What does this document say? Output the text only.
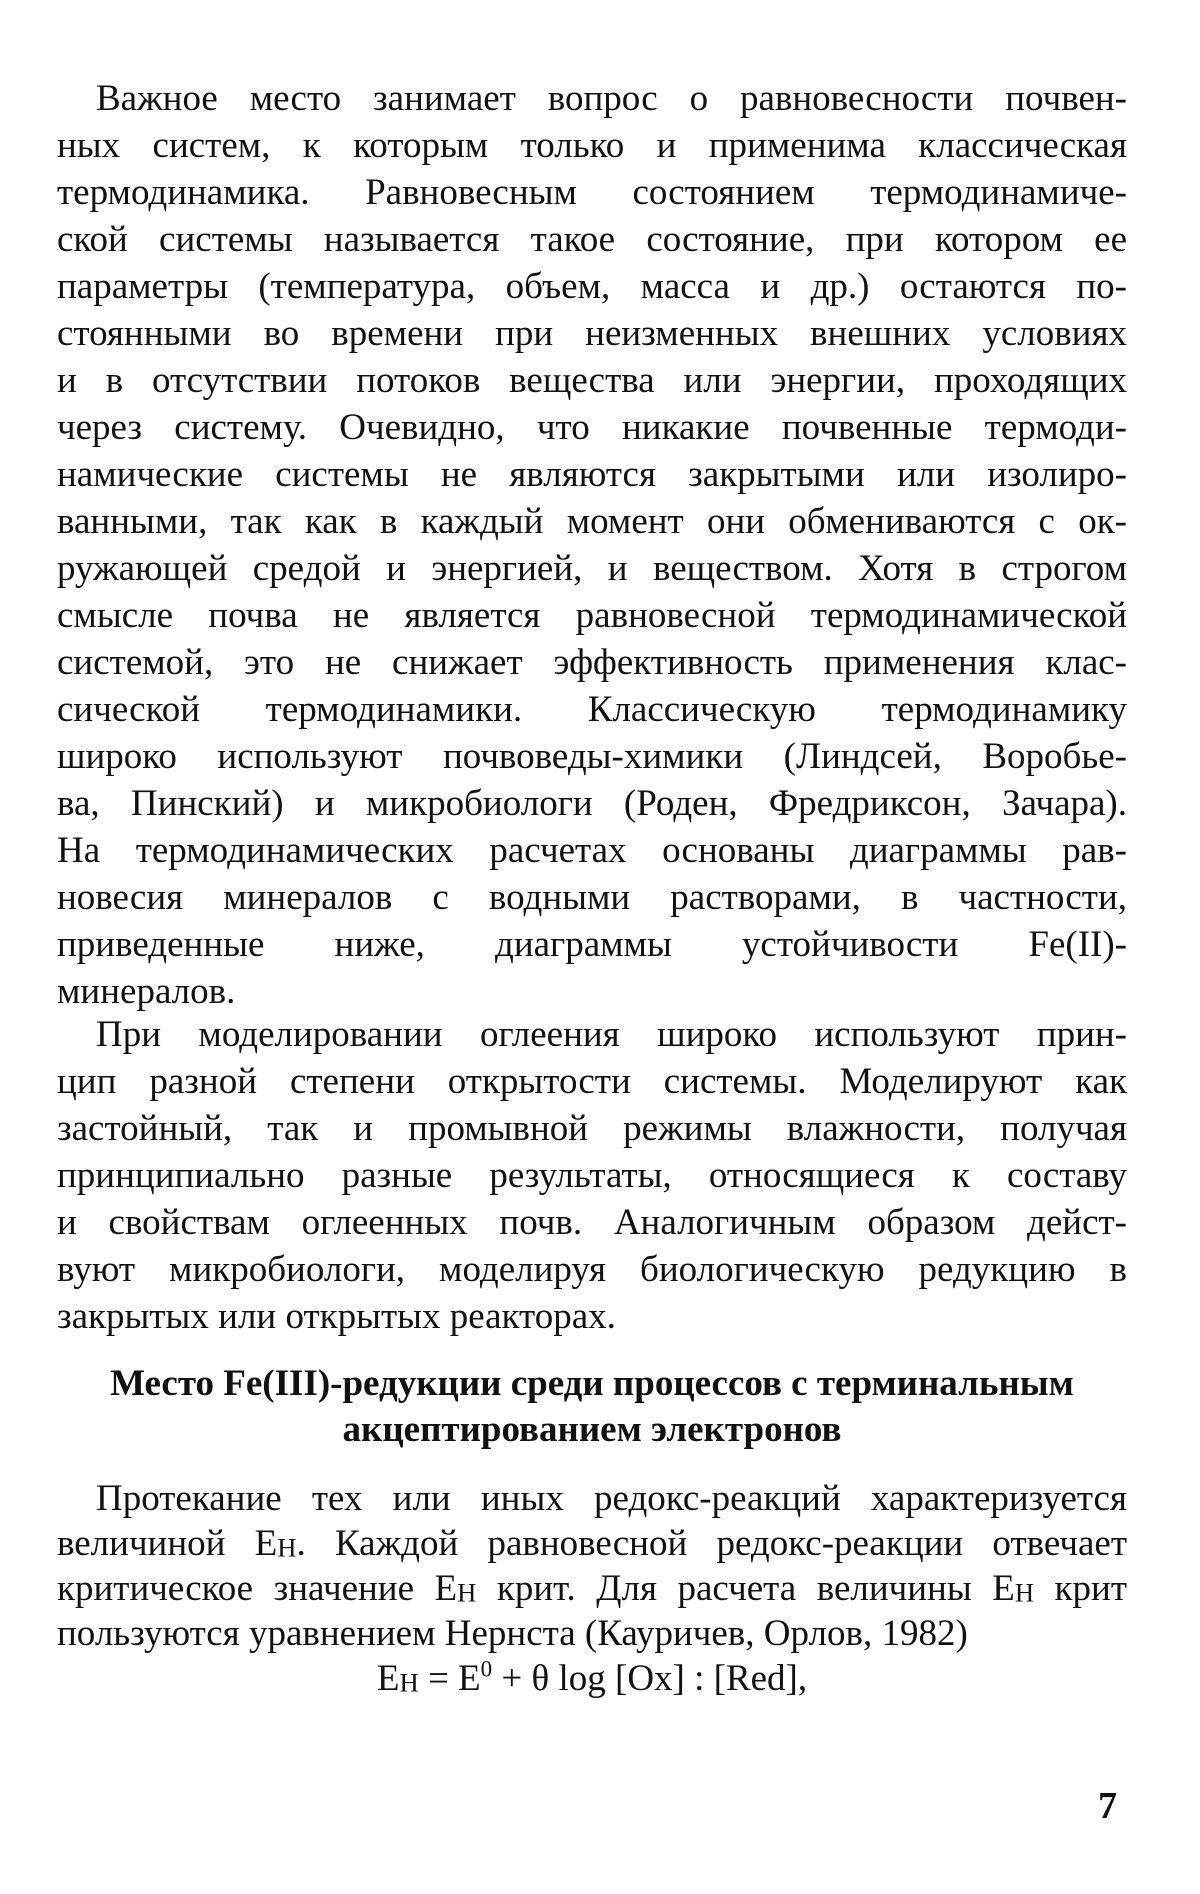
Важное место занимает вопрос о равновесности почвен-
ных систем, к которым только и применима классическая
термодинамика. Равновесным состоянием термодинамиче-
ской системы называется такое состояние, при котором ее
параметры (температура, объем, масса и др.) остаются по-
стоянными во времени при неизменных внешних условиях
и в отсутствии потоков вещества или энергии, проходящих
через систему. Очевидно, что никакие почвенные термоди-
намические системы не являются закрытыми или изолиро-
ванными, так как в каждый момент они обмениваются с ок-
ружающей средой и энергией, и веществом. Хотя в строгом
смысле почва не является равновесной термодинамической
системой, это не снижает эффективность применения клас-
сической термодинамики. Классическую термодинамику
широко используют почвоведы-химики (Линдсей, Воробье-
ва, Пинский) и микробиологи (Роден, Фредриксон, Зачара).
На термодинамических расчетах основаны диаграммы рав-
новесия минералов с водными растворами, в частности,
приведенные ниже, диаграммы устойчивости Fe(II)-
минералов.
При моделировании оглеения широко используют прин-
цип разной степени открытости системы. Моделируют как
застойный, так и промывной режимы влажности, получая
принципиально разные результаты, относящиеся к составу
и свойствам оглеенных почв. Аналогичным образом дейст-
вуют микробиологи, моделируя биологическую редукцию в
закрытых или открытых реакторах.
Место Fe(III)-редукции среди процессов с терминальным
акцептированием электронов
Протекание тех или иных редокс-реакций характеризуется
величиной EH. Каждой равновесной редокс-реакции отвечает
критическое значение EH крит. Для расчета величины EH крит
пользуются уравнением Нернста (Кауричев, Орлов, 1982)
EH = $E^0 + \theta$ log [Ox] : [Red],
7
